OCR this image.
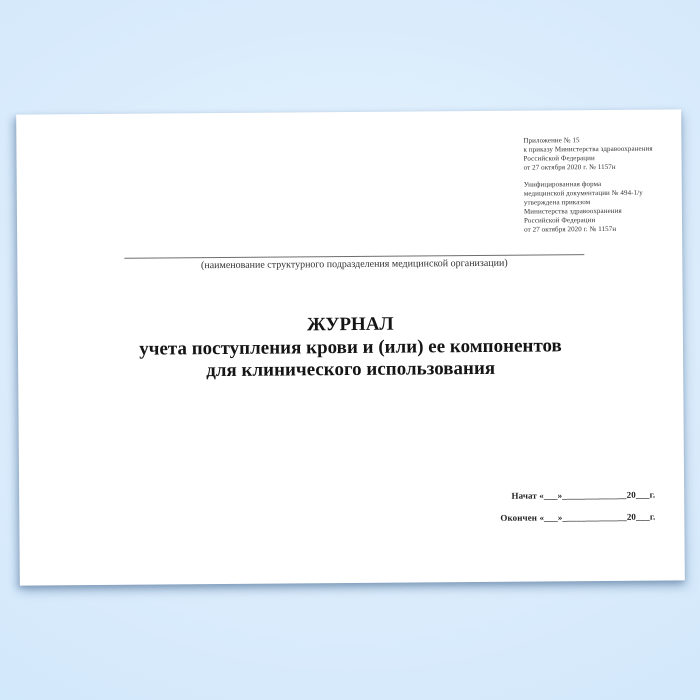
Приложение № 15
к приказу Министерства здравоохранения
Российской Федерации
от 27 октября 2020 г. № 1157н
Унифицированная форма
медицинской документации № 494-1/у
утверждена приказом
Министерства здравоохранения
Российской Федерации
от 27 октября 2020 г. № 1157н
(наименование структурного подразделения медицинской организации)
ЖУРНАЛ
учета поступления крови и (или) ее компонентов
для клинического использования
Начат «___»______________20___г.
Окончен «___»______________20___г.
